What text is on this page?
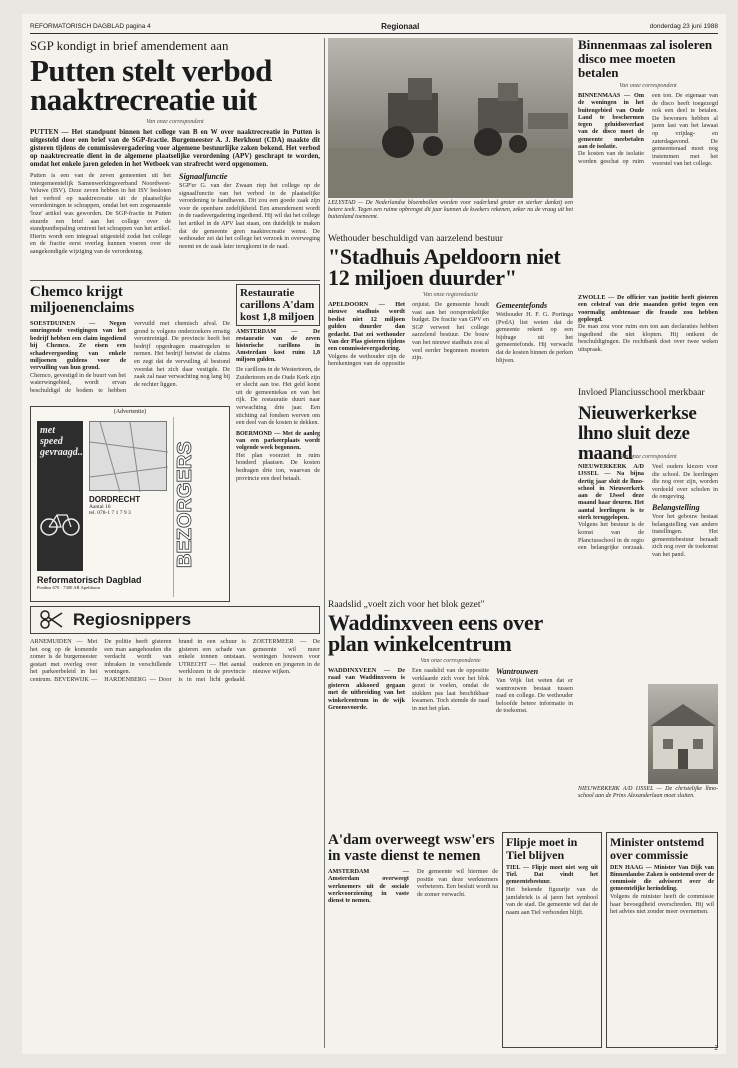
REFORMATORISCH DAGBLAD pagina 4	Regionaal	donderdag 23 juni 1988
SGP kondigt in brief amendement aan
Putten stelt verbod naaktrecreatie uit
Van onze correspondent
PUTTEN — Het standpunt binnen het college van B en W over naaktrecreatie in Putten is uitgesteld door een brief van de SGP-fractie. Burgemeester A. J. Berkhout (CDA) maakte dit gisteren tijdens de commissievergadering voor algemene bestuurlijke zaken bekend. Het verbod op naaktrecreatie dient in de algemene plaatselijke verordening (APV) geschrapt te worden, omdat het enkele jaren geleden in het Wetboek van strafrecht werd opgenomen.
Putten is een van de zeven gemeenten uit het intergemeentelijk Samenwerkingsverband Noordwest-Veluwe (ISV). Deze zeven hebben in het ISV besloten het verbod op naaktrecreatie uit de plaatselijke verordeningen te schrappen, omdat het een zogenaamde 'loze' artikel was geworden. De SGP-fractie in Putten stuurde een brief aan het college over de standpuntbepaling omtrent het schrappen van het artikel. Hierin wordt een integraal uitgesteld zodat het college en de fractie eerst overleg kunnen voeren over de aangekondigde wijziging van de verordening.
Signaalfunctie
SGP'er G. van der Zwaan riep het college op de signaalfunctie van het verbod in de plaatselijke verordening te handhaven. Dit zou een goede zaak zijn voor de openbare zedelijkheid. Een amendement wordt in de raadsvergadering ingediend. Hij wil dat het college het artikel in de APV laat staan, om duidelijk te maken dat de gemeente geen naaktrecreatie wenst. De wethouder zei dat het college het verzoek in overweging neemt en de zaak later terugkomt in de raad.
Chemco krijgt miljoenenclaims
SOESTDUINEN — Negen omringende vestigingen van het bedrijf hebben een claim ingediend bij Chemco. Ze eisen een schadevergoeding van enkele miljoenen guldens voor de vervuiling van hun grond.
Chemco, gevestigd in de buurt van het waterwingebied, wordt ervan beschuldigd de bodem te hebben vervuild met chemisch afval. De grond is volgens onderzoekers ernstig verontreinigd. De provincie heeft het bedrijf opgedragen maatregelen te nemen. Het bedrijf betwist de claims en zegt dat de vervuiling al bestond voordat het zich daar vestigde. De zaak zal naar verwachting nog lang bij de rechter liggen.
(Advertentie)
met speed gevraagd...
DORDRECHT
Aantal 16
tel. 078-1 7 1 7 9 3	BEZORGERS
Reformatorisch Dagblad
Postbus 670 · 7300 AR Apeldoorn
Restauratie carillons A'dam kost 1,8 miljoen
AMSTERDAM — De restauratie van de zeven historische carillons in Amsterdam kost ruim 1,8 miljoen gulden.
De carillons in de Westertoren, de Zuidertoren en de Oude Kerk zijn er slecht aan toe. Het geld komt uit de gemeentekas en van het rijk. De restauratie duurt naar verwachting drie jaar. Een stichting zal fondsen werven om een deel van de kosten te dekken.
BOERMOND — Met de aanleg van een parkeerplaats wordt volgende week begonnen.
Het plan voorziet in ruim honderd plaatsen. De kosten bedragen drie ton, waarvan de provincie een deel betaalt.
Regiosnippers
ARNEMUIDEN — Met het oog op de komende zomer is de burgemeester gestart met overleg over het parkeerbeleid in het centrum. BEVERWIJK — De politie heeft gisteren een man aangehouden die verdacht wordt van inbraken in verschillende woningen. HARDENBERG — Door brand in een schuur is gisteren een schade van enkele tonnen ontstaan. UTRECHT — Het aantal werklozen in de provincie is in mei licht gedaald. ZOETERMEER — De gemeente wil meer woningen bouwen voor ouderen en jongeren in de nieuwe wijken.
LELYSTAD — De Nederlandse bloembollen worden voor vaderland groter en sterker dankzij een betere teelt. Tegen een ruime opbrengst dit jaar kunnen de kwekers rekenen, zeker nu de vraag uit het buitenland toeneemt.
Wethouder beschuldigd van aarzelend bestuur
"Stadhuis Apeldoorn niet 12 miljoen duurder"
Van onze regioredactie
APELDOORN — Het nieuwe stadhuis wordt beslist niet 12 miljoen gulden duurder dan gedacht. Dat zei wethouder Van der Plas gisteren tijdens een commissievergadering.
Volgens de wethouder zijn de berekeningen van de oppositie onjuist. De gemeente houdt vast aan het oorspronkelijke budget. De fractie van GPV en SGP verweet het college aarzelend bestuur. De bouw van het nieuwe stadhuis zou al veel eerder begonnen moeten zijn.
Gemeentefonds
Wethouder H. F. G. Portinga (PvdA) liet weten dat de gemeente rekent op een bijdrage uit het gemeentefonds. Hij verwacht dat de kosten binnen de perken blijven.
ZWOLLE — De officier van justitie heeft gisteren een celstraf van drie maanden geëist tegen een voormalig ambtenaar die fraude zou hebben gepleegd.
De man zou voor ruim een ton aan declaraties hebben ingediend die niet klopten. Hij ontkent de beschuldigingen. De rechtbank doet over twee weken uitspraak.
Binnenmaas zal isoleren disco mee moeten betalen
Van onze correspondent
BINNENMAAS — Om de woningen in het buitengebied van Oude Land te beschermen tegen geluidsoverlast van de disco moet de gemeente meebetalen aan de isolatie.
De kosten van de isolatie worden geschat op ruim een ton. De eigenaar van de disco heeft toegezegd ook een deel te betalen. De bewoners hebben al jaren last van het lawaai op vrijdag- en zaterdagavond. De gemeenteraad moet nog instemmen met het voorstel van het college.
Invloed Planciusschool merkbaar
Nieuwerkerkse lhno sluit deze maand
Van onze correspondent
NIEUWERKERK A/D IJSSEL — Na bijna dertig jaar sluit de lhno-school in Nieuwerkerk aan de IJssel deze maand haar deuren. Het aantal leerlingen is te sterk teruggelopen.
Volgens het bestuur is de komst van de Planciusschool in de regio een belangrijke oorzaak. Veel ouders kiezen voor die school. De leerlingen die nog over zijn, worden verdeeld over scholen in de omgeving.
Belangstelling
Voor het gebouw bestaat belangstelling van andere instellingen. Het gemeentebestuur beraadt zich nog over de toekomst van het pand.
NIEUWERKERK A/D IJSSEL — De christelijke lhno-school aan de Prins Alexanderlaan moet sluiten.
Raadslid „voelt zich voor het blok gezet"
Waddinxveen eens over plan winkelcentrum
Van onze correspondente
WADDINXVEEN — De raad van Waddinxveen is gisteren akkoord gegaan met de uitbreiding van het winkelcentrum in de wijk Groensvoorde.
Een raadslid van de oppositie verklaarde zich voor het blok gezet te voelen, omdat de stukken pas laat beschikbaar kwamen. Toch stemde de raad in met het plan.
Wantrouwen
Van Wijk liet weten dat er wantrouwen bestaat tussen raad en college. De wethouder beloofde betere informatie in de toekomst.
A'dam overweegt wsw'ers in vaste dienst te nemen
AMSTERDAM — Amsterdam overweegt werknemers uit de sociale werkvoorziening in vaste dienst te nemen.
De gemeente wil hiermee de positie van deze werknemers verbeteren. Een besluit wordt na de zomer verwacht.
Flipje moet in Tiel blijven
TIEL — Flipje moet niet weg uit Tiel. Dat vindt het gemeentebestuur.
Het bekende figuurtje van de jamfabriek is al jaren het symbool van de stad. De gemeente wil dat de naam aan Tiel verbonden blijft.
Minister ontstemd over commissie
DEN HAAG — Minister Van Dijk van Binnenlandse Zaken is ontstemd over de commissie die adviseert over de gemeentelijke herindeling.
Volgens de minister heeft de commissie haar bevoegdheid overschreden. Hij wil het advies niet zonder meer overnemen.
2
